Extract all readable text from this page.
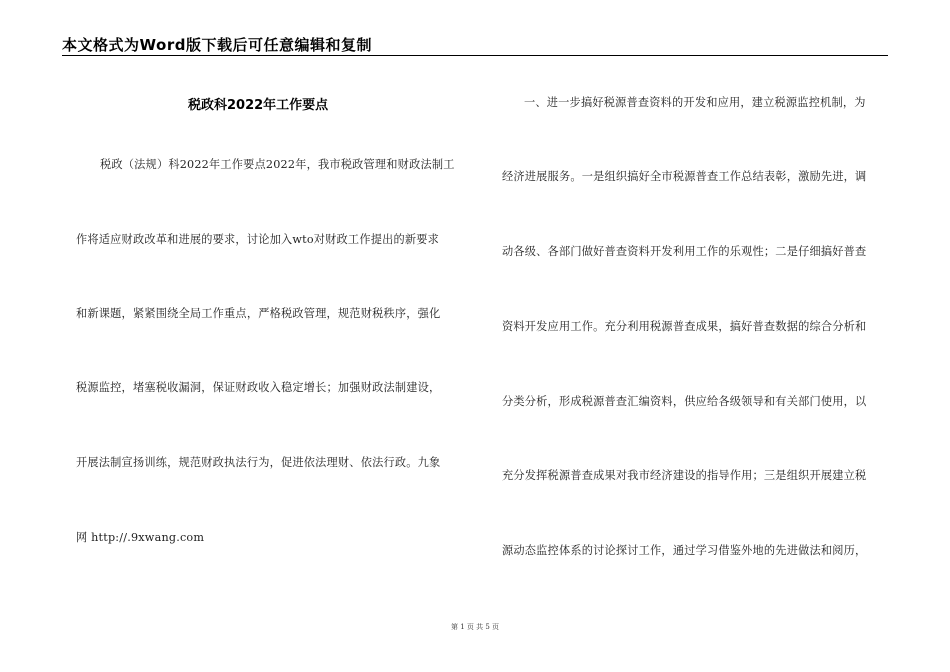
本文格式为Word版下载后可任意编辑和复制
税政科2022年工作要点
税政（法规）科2022年工作要点2022年，我市税政管理和财政法制工
作将适应财政改革和进展的要求，讨论加入wto对财政工作提出的新要求
和新课题，紧紧围绕全局工作重点，严格税政管理，规范财税秩序，强化
税源监控，堵塞税收漏洞，保证财政收入稳定增长；加强财政法制建设，
开展法制宣扬训练，规范财政执法行为，促进依法理财、依法行政。九象
网 http://.9xwang.com
一、进一步搞好税源普查资料的开发和应用，建立税源监控机制，为
经济进展服务。一是组织搞好全市税源普查工作总结表彰，激励先进，调
动各级、各部门做好普查资料开发利用工作的乐观性；二是仔细搞好普查
资料开发应用工作。充分利用税源普查成果，搞好普查数据的综合分析和
分类分析，形成税源普查汇编资料，供应给各级领导和有关部门使用，以
充分发挥税源普查成果对我市经济建设的指导作用；三是组织开展建立税
源动态监控体系的讨论探讨工作，通过学习借鉴外地的先进做法和阅历，
第 1 页 共 5 页
